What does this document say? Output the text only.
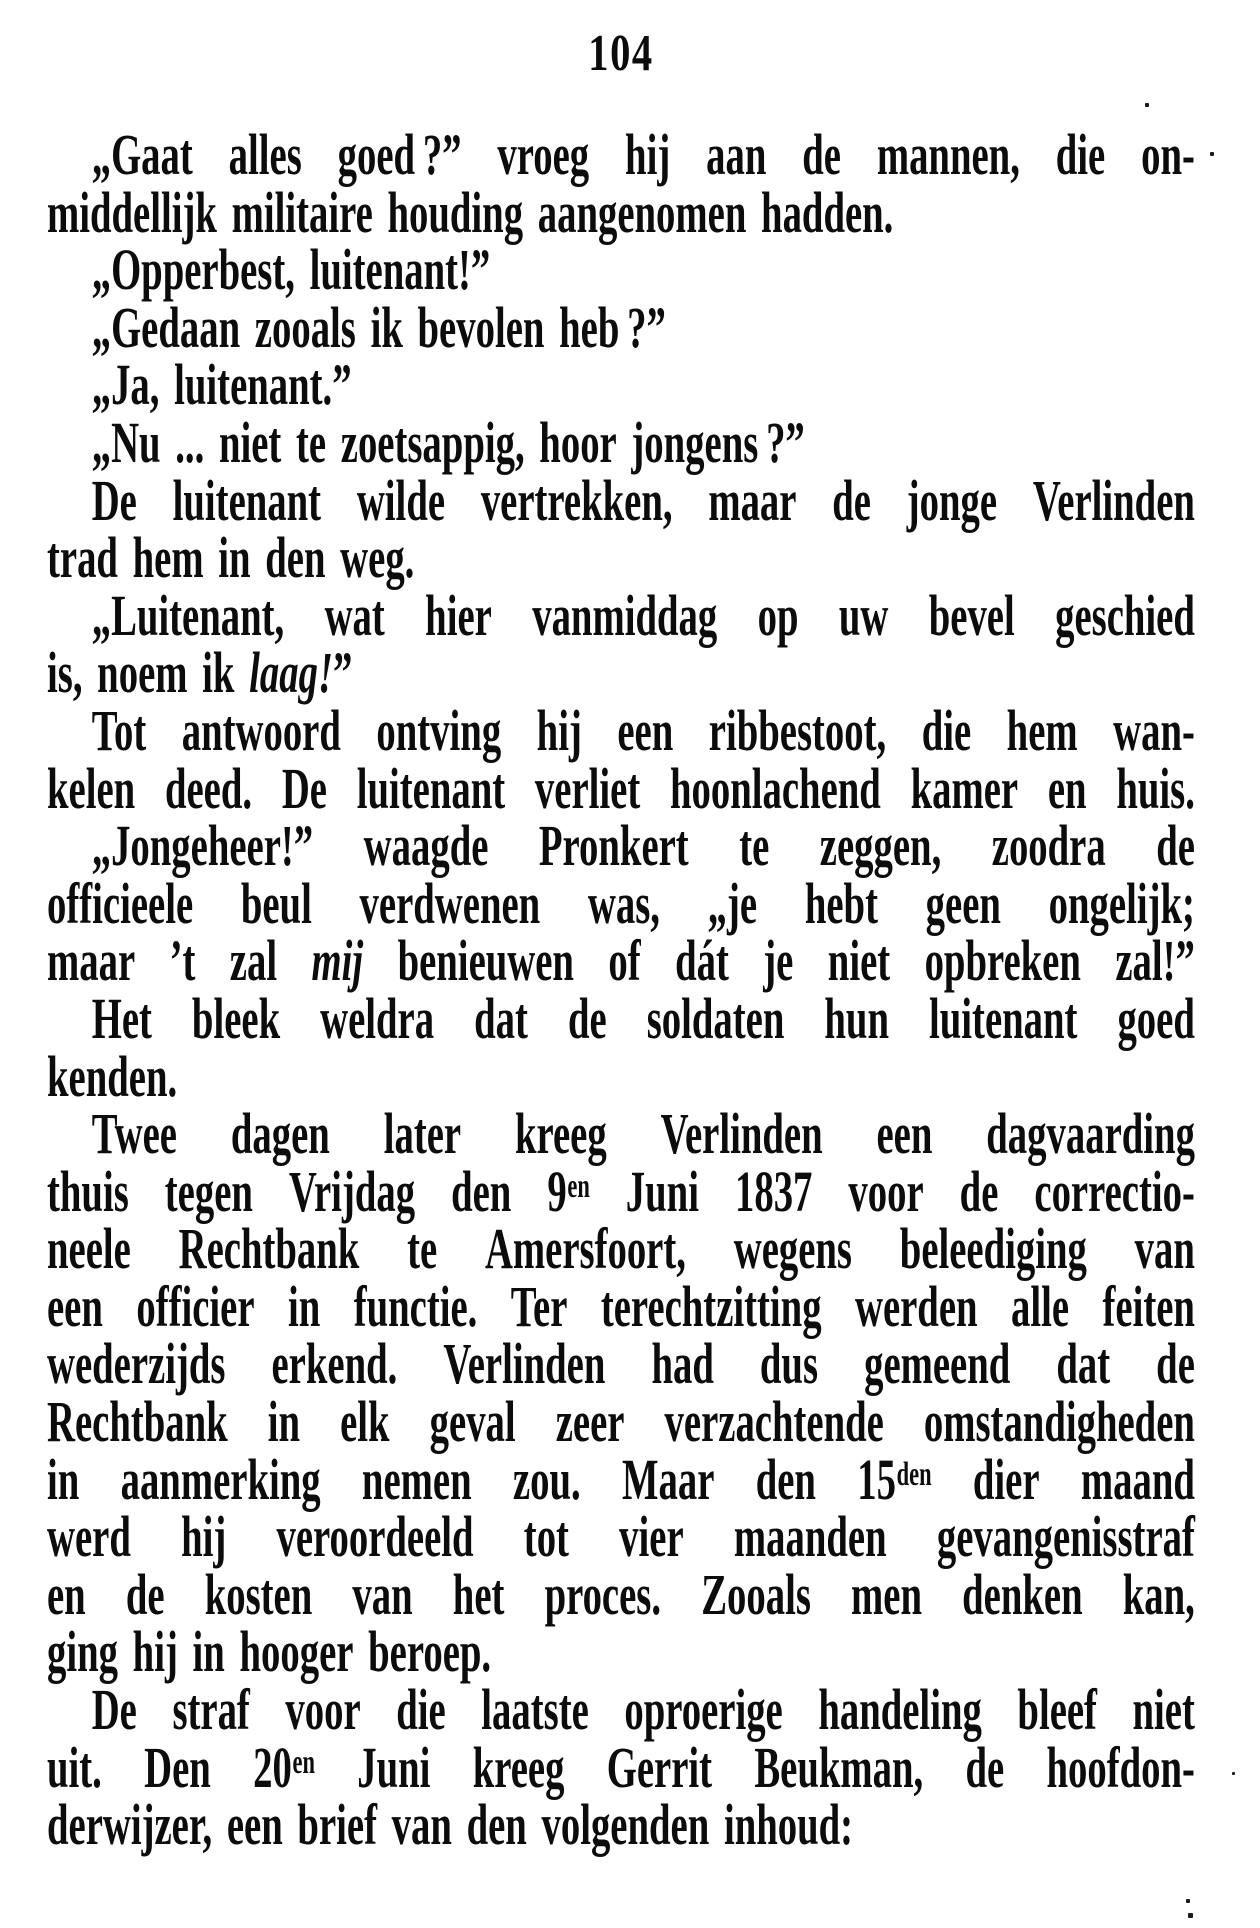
104
„Gaat alles goed ?” vroeg hij aan de mannen, die on-
middellijk militaire houding aangenomen hadden.
„Opperbest, luitenant!”
„Gedaan zooals ik bevolen heb ?”
„Ja, luitenant.”
„Nu ... niet te zoetsappig, hoor jongens ?”
De luitenant wilde vertrekken, maar de jonge Verlinden
trad hem in den weg.
„Luitenant, wat hier vanmiddag op uw bevel geschied
is, noem ik laag!”
Tot antwoord ontving hij een ribbestoot, die hem wan-
kelen deed. De luitenant verliet hoonlachend kamer en huis.
„Jongeheer!” waagde Pronkert te zeggen, zoodra de
officieele beul verdwenen was, „je hebt geen ongelijk;
maar ’t zal mij benieuwen of dát je niet opbreken zal!”
Het bleek weldra dat de soldaten hun luitenant goed
kenden.
Twee dagen later kreeg Verlinden een dagvaarding
thuis tegen Vrijdag den $9^{en}$ Juni 1837 voor de correctio-
neele Rechtbank te Amersfoort, wegens beleediging van
een officier in functie. Ter terechtzitting werden alle feiten
wederzijds erkend. Verlinden had dus gemeend dat de
Rechtbank in elk geval zeer verzachtende omstandigheden
in aanmerking nemen zou. Maar den $15^{den}$ dier maand
werd hij veroordeeld tot vier maanden gevangenisstraf
en de kosten van het proces. Zooals men denken kan,
ging hij in hooger beroep.
De straf voor die laatste oproerige handeling bleef niet
uit. Den $20^{en}$ Juni kreeg Gerrit Beukman, de hoofdon-
derwijzer, een brief van den volgenden inhoud:
